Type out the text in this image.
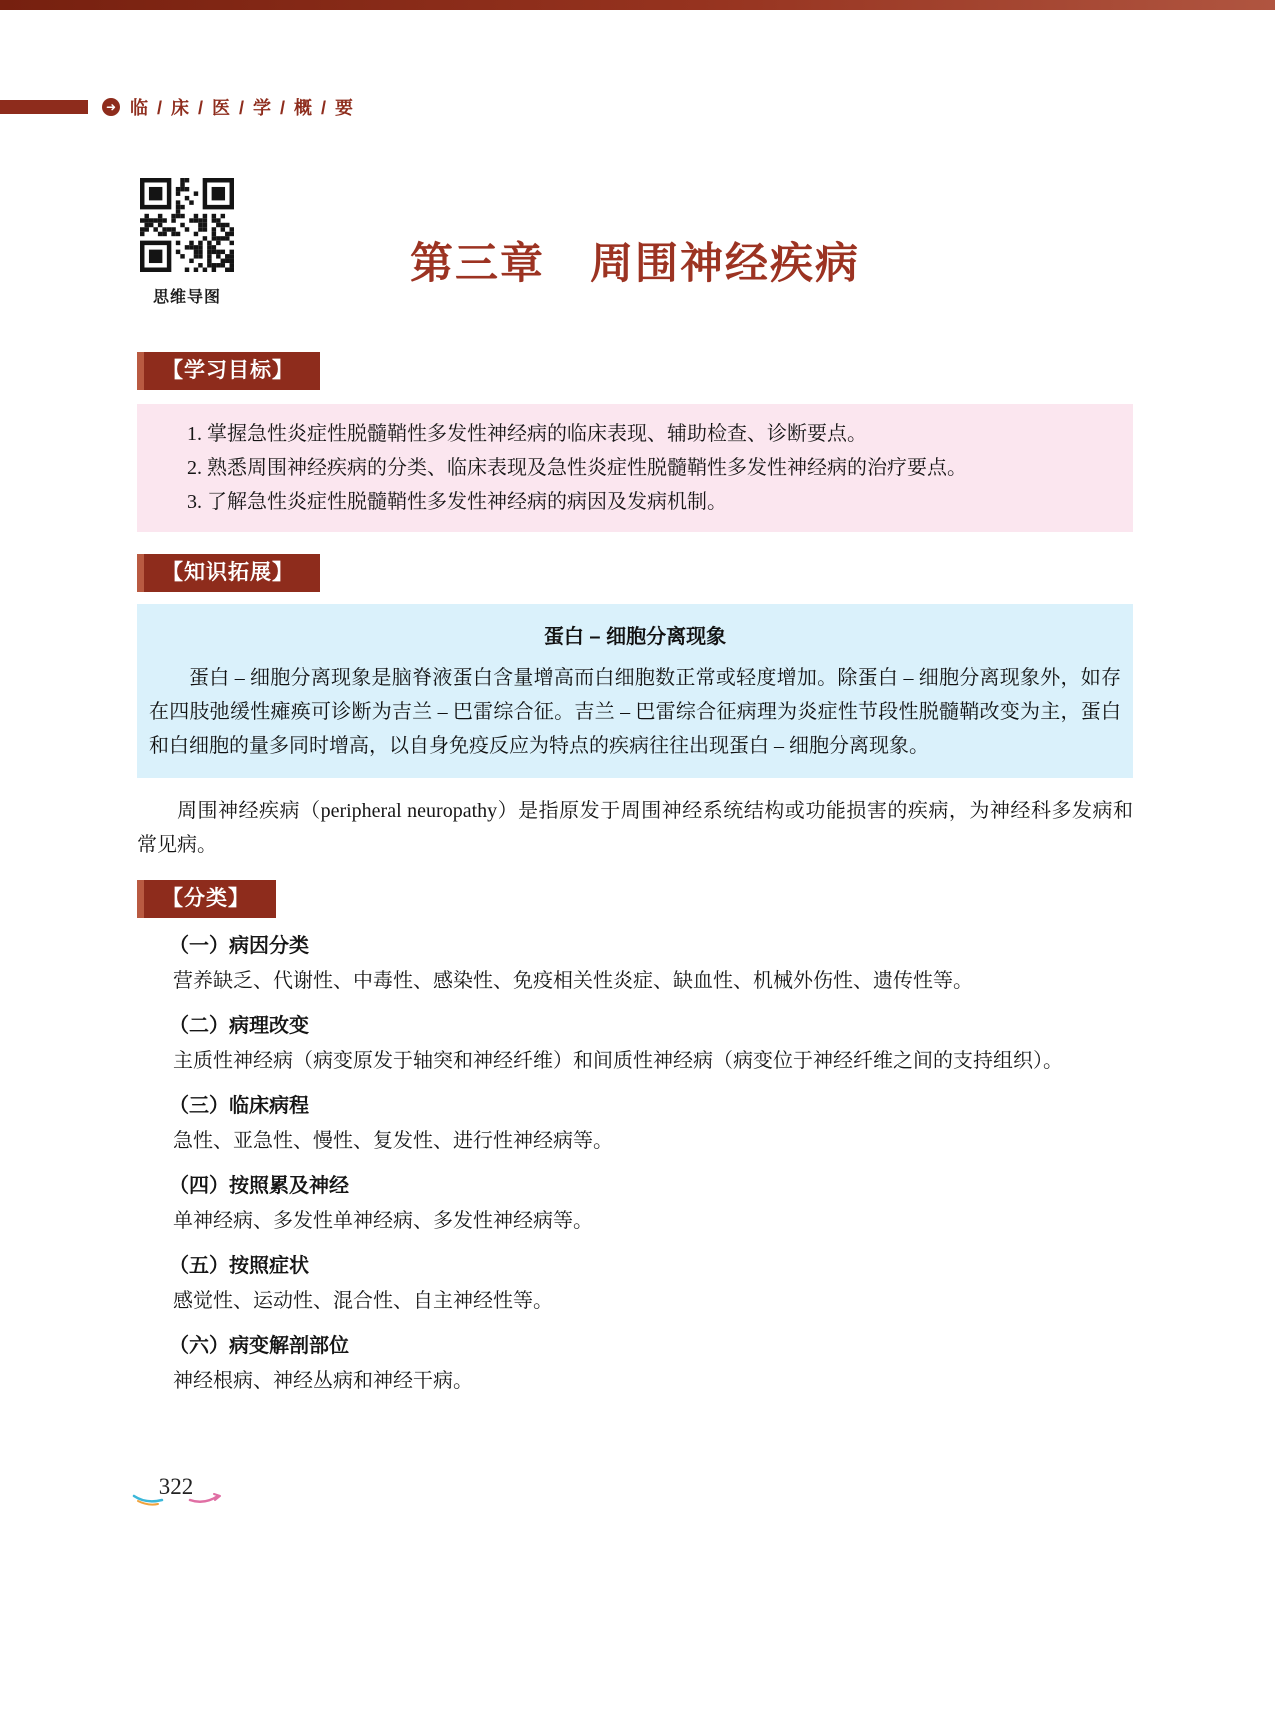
➜ 临 / 床 / 医 / 学 / 概 / 要
思维导图
第三章　周围神经疾病
【学习目标】
1. 掌握急性炎症性脱髓鞘性多发性神经病的临床表现、辅助检查、诊断要点。
2. 熟悉周围神经疾病的分类、临床表现及急性炎症性脱髓鞘性多发性神经病的治疗要点。
3. 了解急性炎症性脱髓鞘性多发性神经病的病因及发病机制。
【知识拓展】
蛋白 – 细胞分离现象
蛋白 – 细胞分离现象是脑脊液蛋白含量增高而白细胞数正常或轻度增加。除蛋白 – 细胞分离现象外，如存在四肢弛缓性瘫痪可诊断为吉兰 – 巴雷综合征。吉兰 – 巴雷综合征病理为炎症性节段性脱髓鞘改变为主，蛋白和白细胞的量多同时增高，以自身免疫反应为特点的疾病往往出现蛋白 – 细胞分离现象。
周围神经疾病（peripheral neuropathy）是指原发于周围神经系统结构或功能损害的疾病，为神经科多发病和常见病。
【分类】
（一）病因分类
营养缺乏、代谢性、中毒性、感染性、免疫相关性炎症、缺血性、机械外伤性、遗传性等。
（二）病理改变
主质性神经病（病变原发于轴突和神经纤维）和间质性神经病（病变位于神经纤维之间的支持组织）。
（三）临床病程
急性、亚急性、慢性、复发性、进行性神经病等。
（四）按照累及神经
单神经病、多发性单神经病、多发性神经病等。
（五）按照症状
感觉性、运动性、混合性、自主神经性等。
（六）病变解剖部位
神经根病、神经丛病和神经干病。
322
